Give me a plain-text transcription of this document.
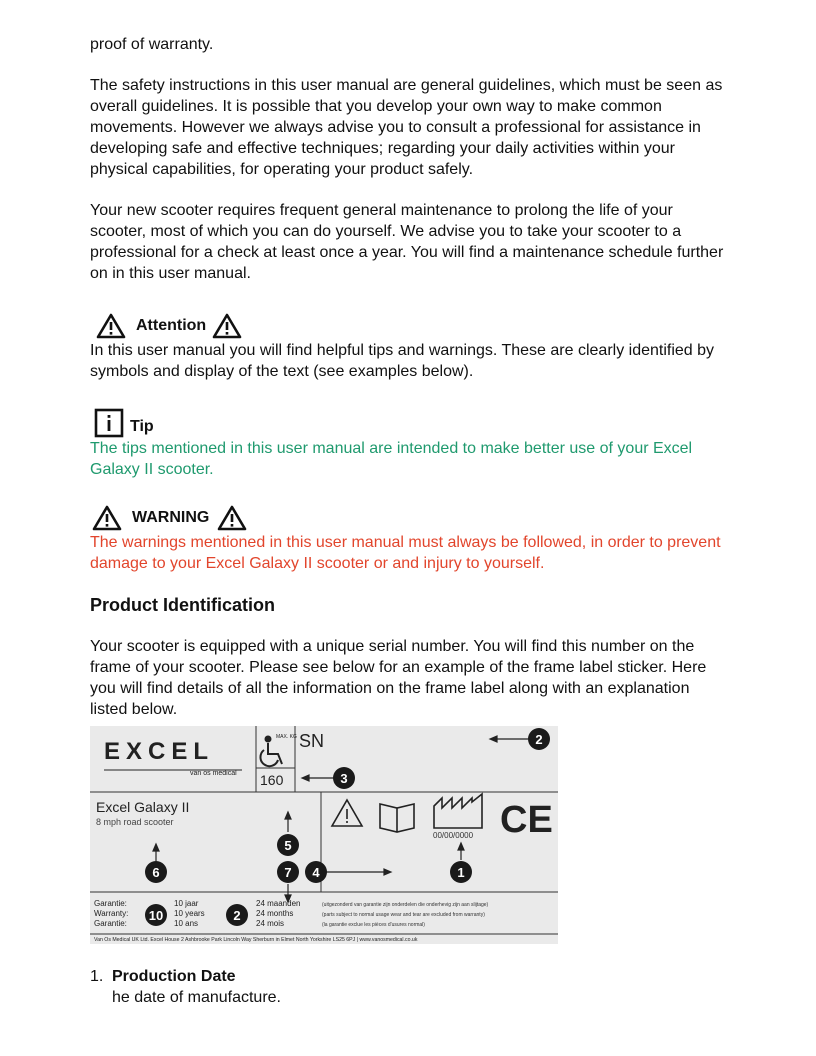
proof of warranty.

The safety instructions in this user manual are general guidelines, which must be seen as overall guidelines. It is possible that you develop your own way to make common movements. However we always advise you to consult a professional for assistance in developing safe and effective techniques; regarding your daily activities within your physical capabilities, for operating your product safely.

Your new scooter requires frequent general maintenance to prolong the life of your scooter, most of which you can do yourself. We advise you to take your scooter to a professional for a check at least once a year. You will find a maintenance schedule further on in this user manual.

Attention

In this user manual you will find helpful tips and warnings. These are clearly identified by symbols and display of the text (see examples below).

Tip

The tips mentioned in this user manual are intended to make better use of your Excel Galaxy II scooter.

WARNING

The warnings mentioned in this user manual must always be followed, in order to prevent damage to your Excel Galaxy II scooter or and injury to yourself.

Product Identification

Your scooter is equipped with a unique serial number. You will find this number on the frame of your scooter. Please see below for an example of the frame label sticker. Here you will find details of all the information on the frame label along with an explanation listed below.

EXCEL
van os medical
MAX. KG
160
SN
Excel Galaxy II
8 mph road scooter
00/00/0000 CE
2
3
5
6	7 4	1
Garantie:
Warranty:
Garantie:
10
10 jaar
10 years
10 ans
2
24 maanden
24 months
24 mois
(uitgezonderd van garantie zijn onderdelen die onderhevig zijn aan slijtage)
(parts subject to normal usage wear and tear are excluded from warranty)
(la garantie exclue les pièces d'usures normal)
Van Os Medical UK Ltd. Excel House 2 Ashbrooke Park Lincoln Way Sherburn in Elmet North Yorkshire LS25 6PJ | www.vanosmedical.co.uk
1. Production Date
he date of manufacture.
